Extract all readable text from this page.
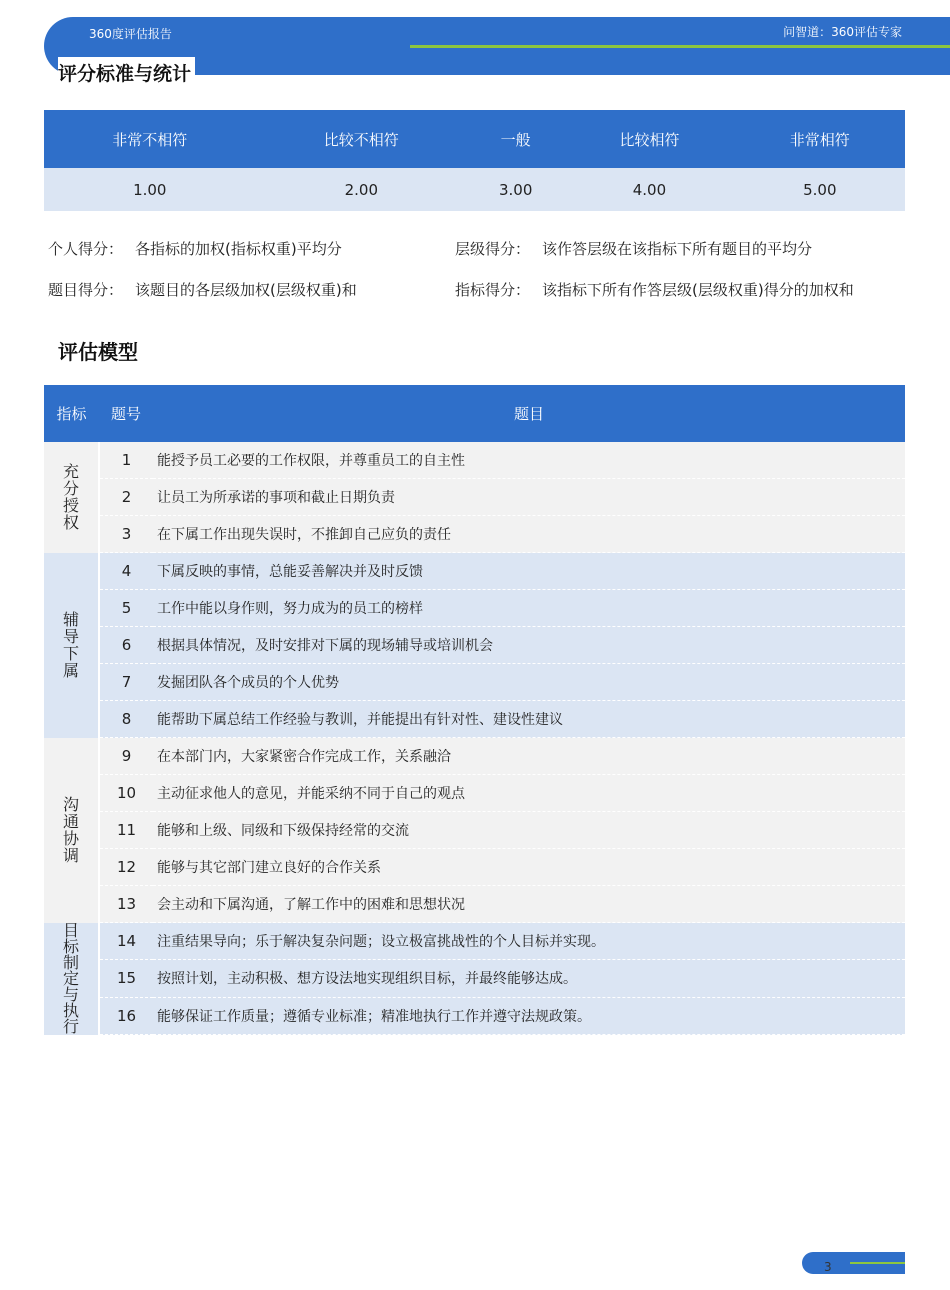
360度评估报告	问智道：360评估专家
评分标准与统计
非常不相符	比较不相符	一般	比较相符	非常相符
1.00	2.00	3.00	4.00	5.00
个人得分： 各指标的加权(指标权重)平均分	层级得分： 该作答层级在该指标下所有题目的平均分
题目得分： 该题目的各层级加权(层级权重)和	指标得分： 该指标下所有作答层级(层级权重)得分的加权和
评估模型
指标	题号	题目
充分授权	1	能授予员工必要的工作权限，并尊重员工的自主性
	2	让员工为所承诺的事项和截止日期负责
	3	在下属工作出现失误时，不推卸自己应负的责任
辅导下属	4	下属反映的事情，总能妥善解决并及时反馈
	5	工作中能以身作则，努力成为的员工的榜样
	6	根据具体情况，及时安排对下属的现场辅导或培训机会
	7	发掘团队各个成员的个人优势
	8	能帮助下属总结工作经验与教训，并能提出有针对性、建设性建议
沟通协调	9	在本部门内，大家紧密合作完成工作，关系融洽
	10	主动征求他人的意见，并能采纳不同于自己的观点
	11	能够和上级、同级和下级保持经常的交流
	12	能够与其它部门建立良好的合作关系
	13	会主动和下属沟通，了解工作中的困难和思想状况
目标制定与执行	14	注重结果导向；乐于解决复杂问题；设立极富挑战性的个人目标并实现。
	15	按照计划，主动积极、想方设法地实现组织目标，并最终能够达成。
	16	能够保证工作质量；遵循专业标准；精准地执行工作并遵守法规政策。
3
